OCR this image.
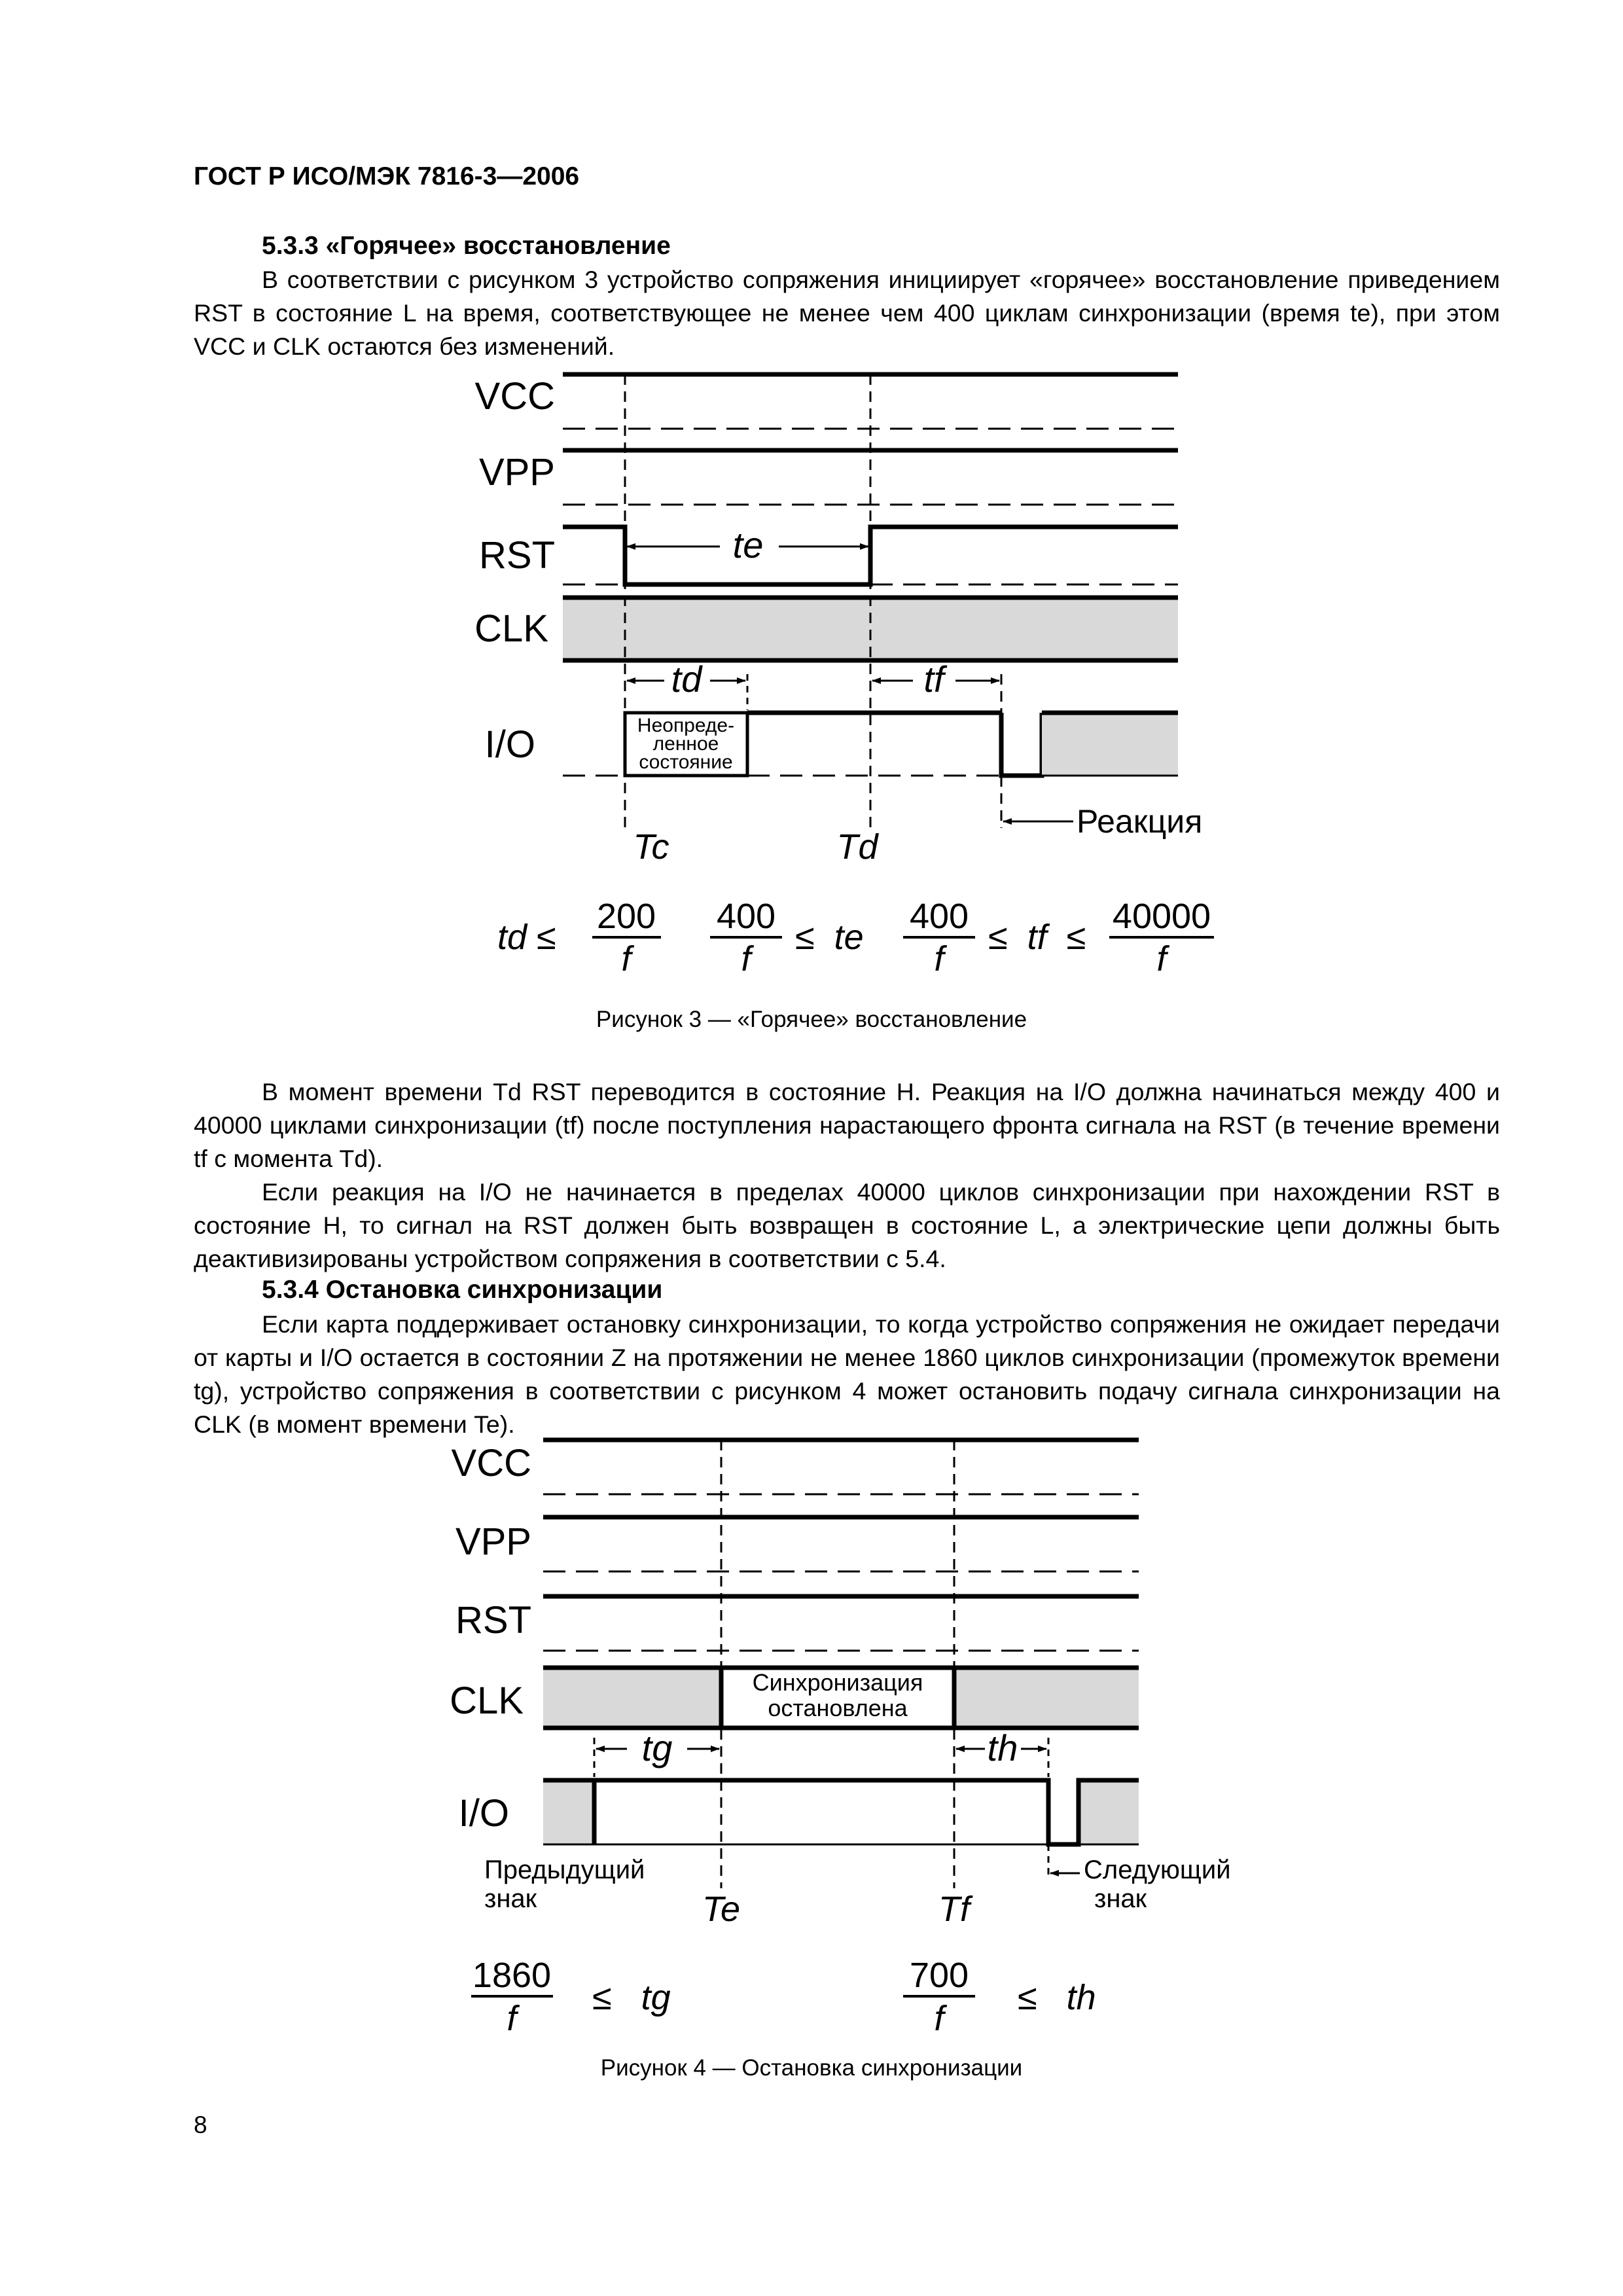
ГОСТ Р ИСО/МЭК 7816-3—2006
5.3.3 «Горячее» восстановление

В соответствии с рисунком 3 устройство сопряжения инициирует «горячее» восстановление приведением RST в состояние L на время, соответствующее не менее чем 400 циклам синхронизации (время te), при этом VCC и CLK остаются без изменений.

VCC
VPP
RST
CLK
I/O
te
td	tf
Неопреде-
ленное
состояние
Реакция
Tc	Td
td ≤
200
f
400
f
≤  te
400
f
≤  tf  ≤
40000
f
VCC
VPP
RST
CLK
I/O
Синхронизация
остановлена
tg	th
Предыдущий
знак
Следующий
знак
Te	Tf
1860
f
≤   tg
700
f
≤   th
Рисунок 3 — «Горячее» восстановление

В момент времени Td RST переводится в состояние H. Реакция на I/O должна начинаться между 400 и 40000 циклами синхронизации (tf) после поступления нарастающего фронта сигнала на RST (в течение времени tf с момента Td).

Если реакция на I/O не начинается в пределах 40000 циклов синхронизации при нахождении RST в состояние H, то сигнал на RST должен быть возвращен в состояние L, а электрические цепи должны быть деактивизированы устройством сопряжения в соответствии с 5.4.

5.3.4 Остановка синхронизации

Если карта поддерживает остановку синхронизации, то когда устройство сопряжения не ожидает передачи от карты и I/O остается в состоянии Z на протяжении не менее 1860 циклов синхронизации (промежуток времени tg), устройство сопряжения в соответствии с рисунком 4 может остановить подачу сигнала синхронизации на CLK (в момент времени Te).

Рисунок 4 — Остановка синхронизации
8
